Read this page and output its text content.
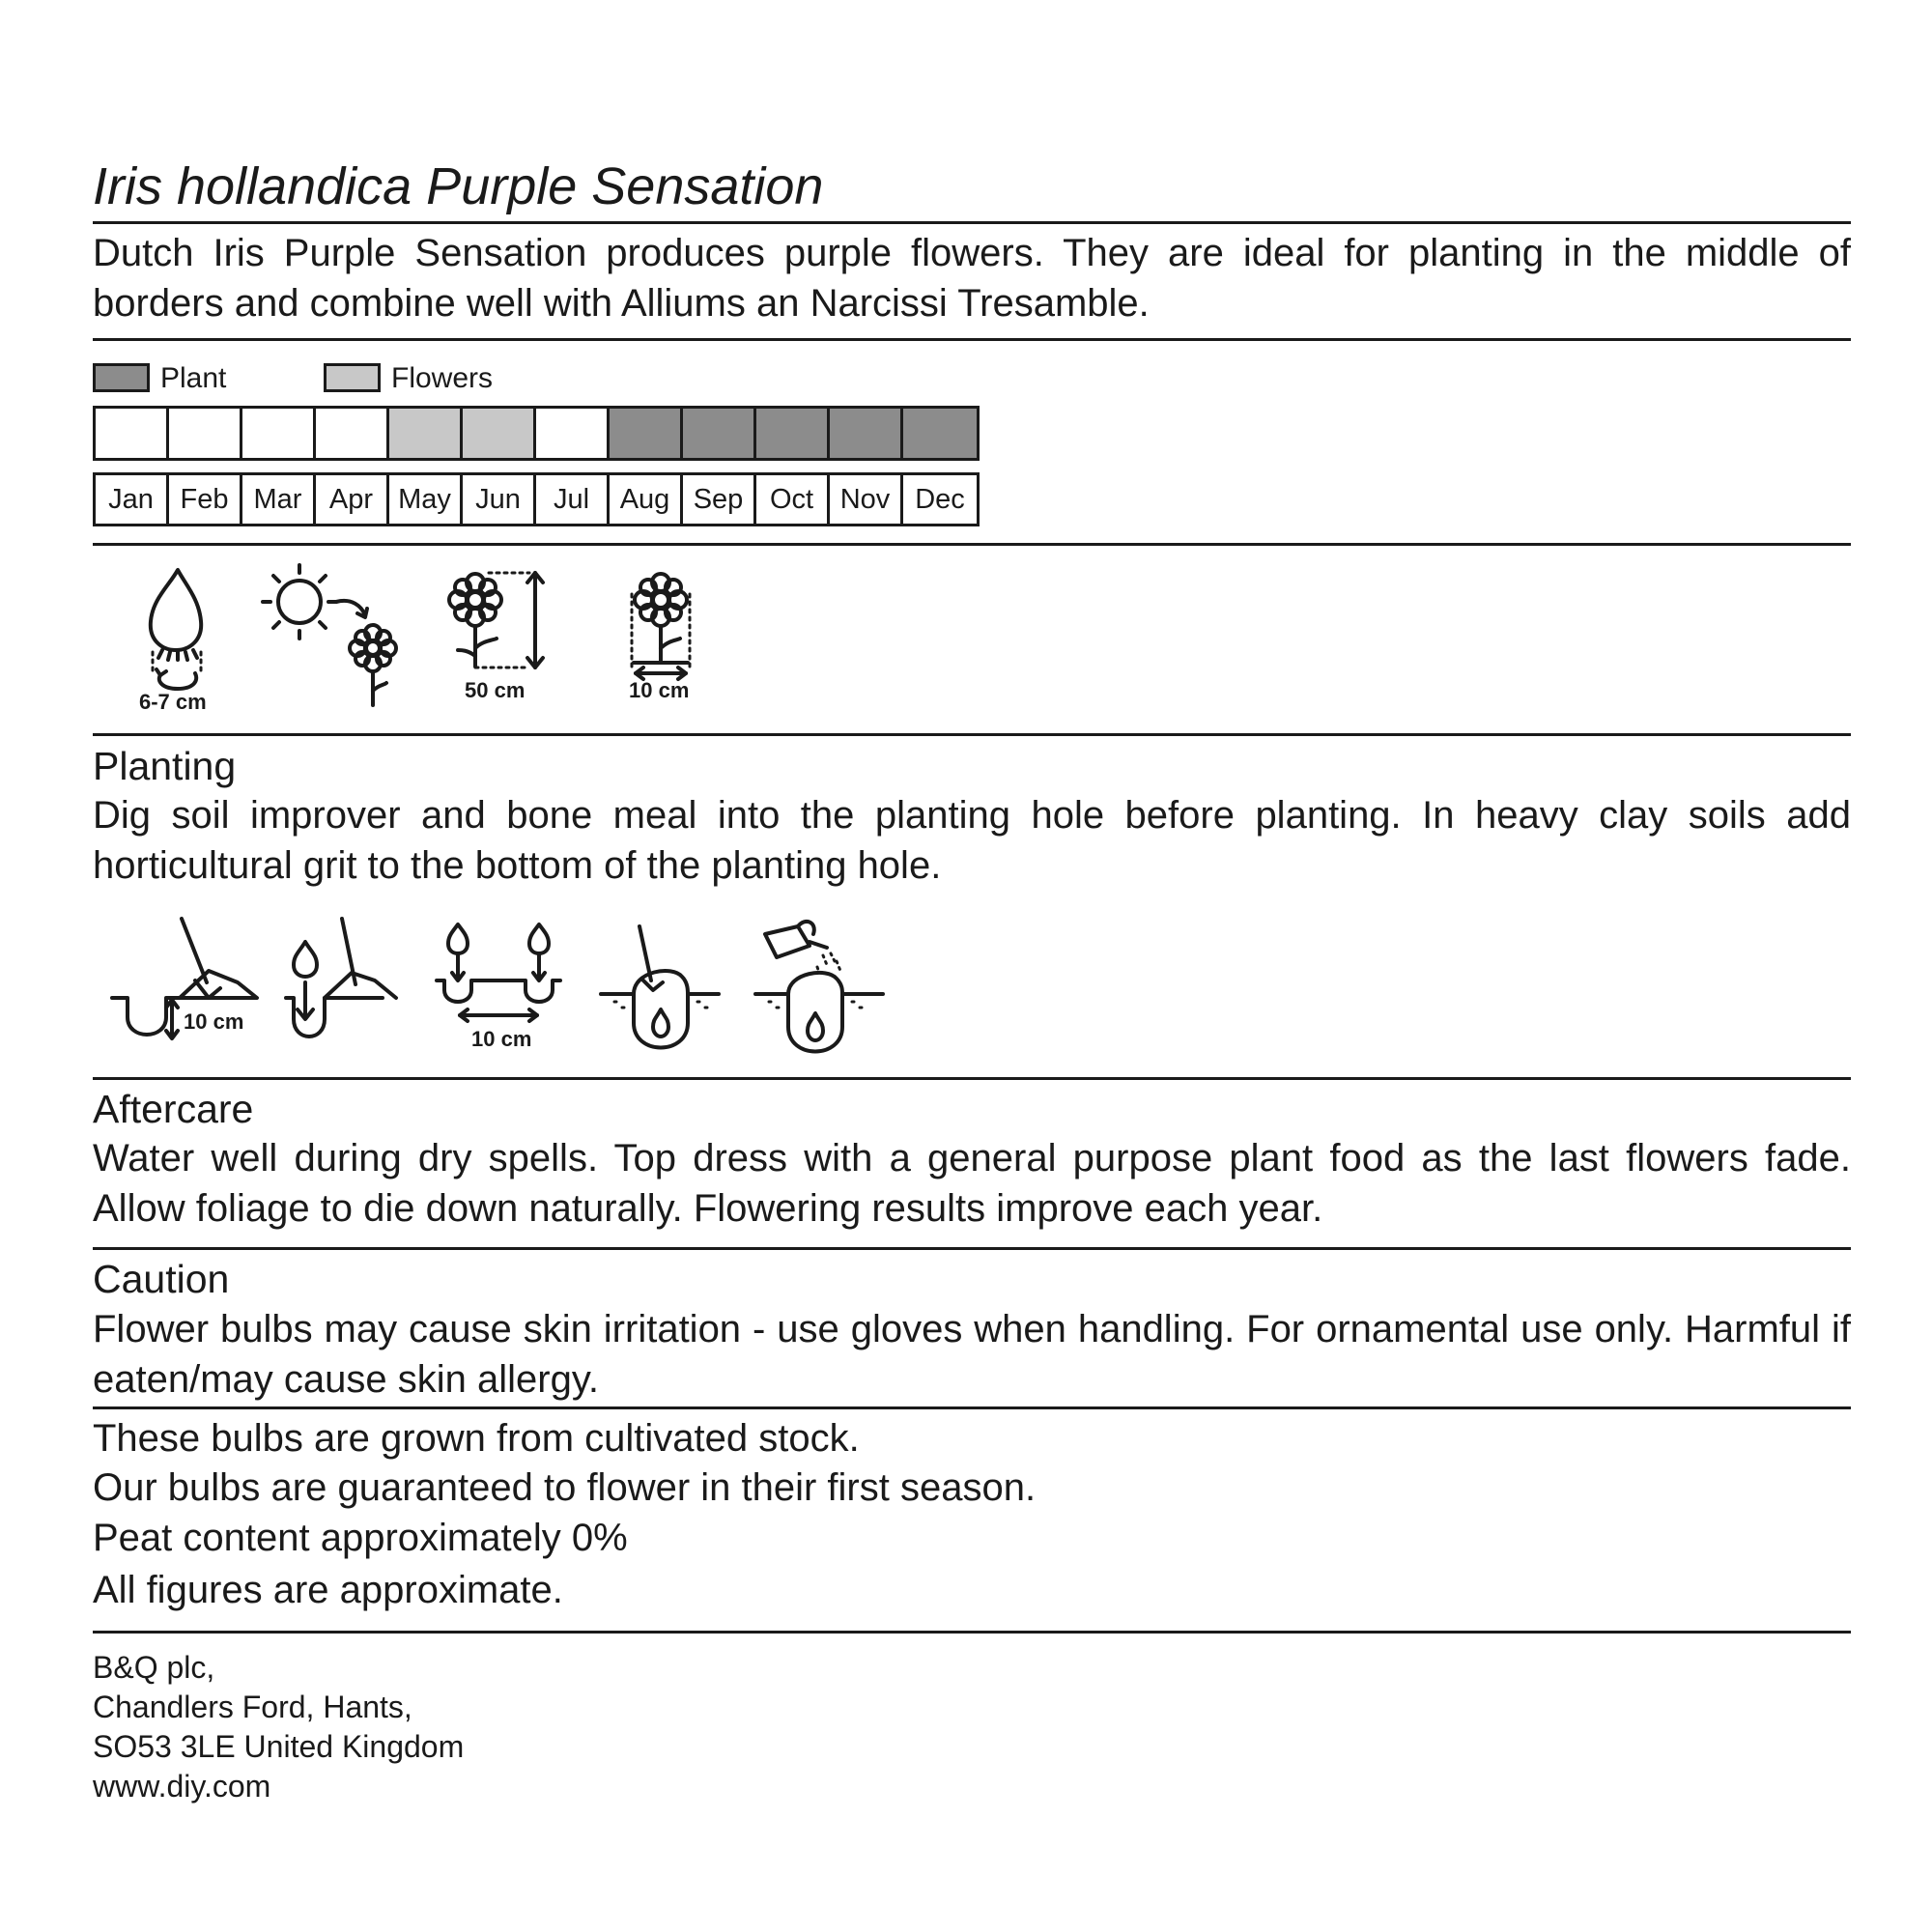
Iris hollandica Purple Sensation

Dutch Iris Purple Sensation produces purple flowers. They are ideal for planting in the middle of borders and combine well with Alliums an Narcissi Tresamble.

Plant	Flowers
Jan Feb Mar Apr May Jun	Jul	Aug Sep Oct Nov Dec
6-7 cm	50 cm	10 cm
Planting

Dig soil improver and bone meal into the planting hole before planting. In heavy clay soils add horticultural grit to the bottom of the planting hole.

10 cm
10 cm
Aftercare

Water well during dry spells. Top dress with a general purpose plant food as the last flowers fade. Allow foliage to die down naturally. Flowering results improve each year.

Caution

Flower bulbs may cause skin irritation - use gloves when handling. For ornamental use only. Harmful if eaten/may cause skin allergy.

These bulbs are grown from cultivated stock.
Our bulbs are guaranteed to flower in their first season.
Peat content approximately 0%
All figures are approximate.
B&Q plc,
Chandlers Ford, Hants,
SO53 3LE United Kingdom
www.diy.com
